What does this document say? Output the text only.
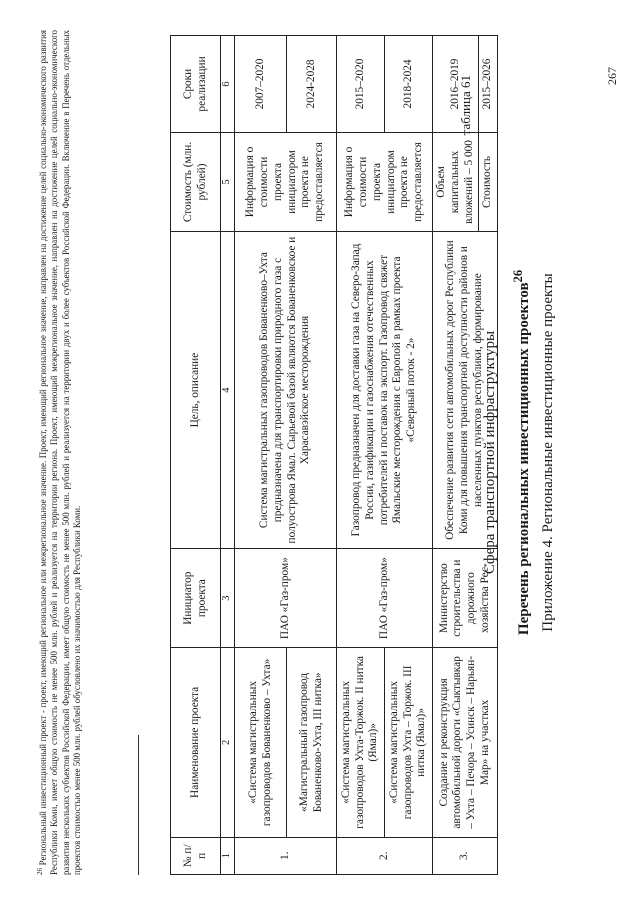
267
Приложение 4. Региональные инвестиционные проекты
Перечень региональных инвестиционных проектов$^{26}$
Сфера транспортной инфраструктуры
таблица 61
№ п/п	Наименование проекта	Инициатор проекта	Цель, описание	Стоимость (млн. рублей)	Сроки реализации
1	2	3	4	5	6
1.	«Система магистральных газопроводов Бованенково – Ухта»	ПАО «Газ-пром»	Система магистральных газопроводов Бованенково–Ухта предназначена для транспортировки природного газа с полуострова Ямал. Сырьевой базой являются Бованенковское и Харасавэйское месторождения	Информация о стоимости проекта инициатором проекта не предоставляется	2007–2020
	«Магистральный газопровод Бованенково-Ухта, III нитка»				2024-2028
2.	«Система магистральных газопроводов Ухта-Торжок. II нитка (Ямал)»	ПАО «Газ-пром»	Газопровод предназначен для доставки газа на Северо-Запад России, газификации и газоснабжения отечественных потребителей и поставок на экспорт. Газопровод свяжет Ямальские месторождения с Европой в рамках проекта «Северный поток - 2»	Информация о стоимости проекта инициатором проекта не предоставляется	2015–2020
	«Система магистральных газопроводов Ухта – Торжок. III нитка (Ямал)»				2018-2024
3.	Создание и реконструкция автомобильной дороги «Сыктывкар – Ухта – Печора – Усинск – Нарьян-Мар» на участках	Министерство строительства и дорожного хозяйства Рес-	Обеспечение развития сети автомобильных дорог Республики Коми для повышения транспортной доступности районов и населенных пунктов республики, формирование	Объем капитальных вложений – 5 000	2016–2019
				Стоимость	2015–2026
$^{26}$ Региональный инвестиционный проект - проект, имеющий региональное или межрегиональное значение. Проект, имеющий региональное значение, направлен на достижение целей социально-экономического развития Республики Коми, имеет общую стоимость не менее 500 млн. рублей и реализуется на территории региона. Проект, имеющий межрегиональное значение, направлен на достижение целей социально-экономического развития нескольких субъектов Российской Федерации, имеет общую стоимость не менее 500 млн. рублей и реализуется на территории двух и более субъектов Российской Федерации. Включение в Перечень отдельных проектов стоимостью менее 500 млн. рублей обусловлено их значимостью для Республики Коми.
